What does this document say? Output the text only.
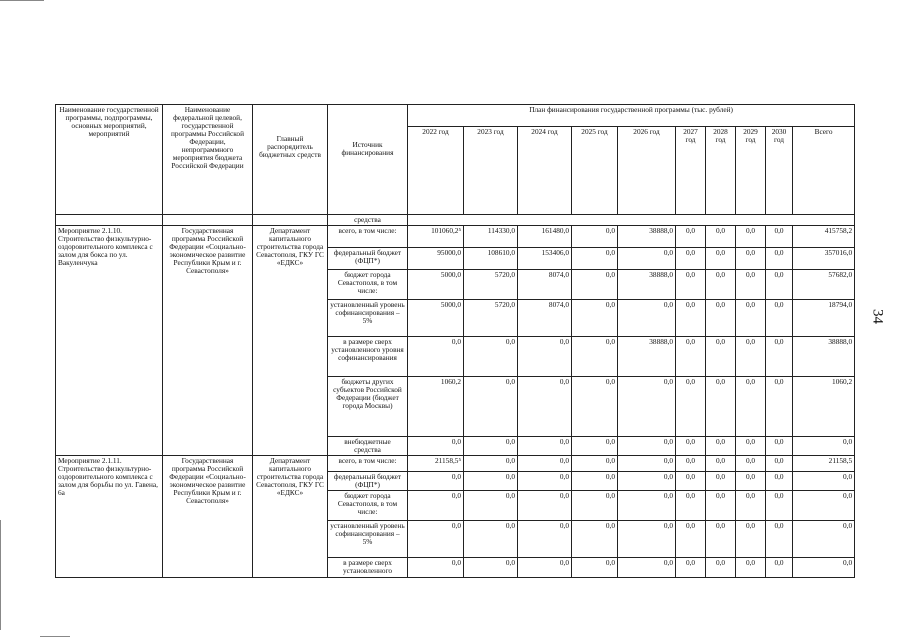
34
Наименование государственной программы, подпрограммы, основных мероприятий, мероприятий	Наименование федеральной целевой, государственной программы Российской Федерации, непрограммного мероприятия бюджета Российской Федерации	Главный распорядитель бюджетных средств	Источник финансирования	План финансирования государственной программы (тыс. рублей)									
				2022 год	2023 год	2024 год	2025 год	2026 год	2027 год	2028 год	2029 год	2030 год	Всего
			средства										
Мероприятие 2.1.10. Строительство физкультурно-оздоровительного комплекса с залом для бокса по ул. Вакуленчука	Государственная программа Российской Федерации «Социально-экономическое развитие Республики Крым и г. Севастополя»	Департамент капитального строительства города Севастополя, ГКУ ГС «ЕДКС»	всего, в том числе:	101060,2⁵	114330,0	161480,0	0,0	38888,0	0,0	0,0	0,0	0,0	415758,2
			федеральный бюджет (ФЦП*)	95000,0	108610,0	153406,0	0,0	0,0	0,0	0,0	0,0	0,0	357016,0
			бюджет города Севастополя, в том числе:	5000,0	5720,0	8074,0	0,0	38888,0	0,0	0,0	0,0	0,0	57682,0
			установленный уровень софинансирования – 5%	5000,0	5720,0	8074,0	0,0	0,0	0,0	0,0	0,0	0,0	18794,0
			в размере сверх установленного уровня софинансирования	0,0	0,0	0,0	0,0	38888,0	0,0	0,0	0,0	0,0	38888,0
			бюджеты других субъектов Российской Федерации (бюджет города Москвы)	1060,2	0,0	0,0	0,0	0,0	0,0	0,0	0,0	0,0	1060,2
			внебюджетные средства	0,0	0,0	0,0	0,0	0,0	0,0	0,0	0,0	0,0	0,0
Мероприятие 2.1.11. Строительство физкультурно-оздоровительного комплекса с залом для борьбы по ул. Гавена, 6а	Государственная программа Российской Федерации «Социально-экономическое развитие Республики Крым и г. Севастополя»	Департамент капитального строительства города Севастополя, ГКУ ГС «ЕДКС»	всего, в том числе:	21158,5⁵	0,0	0,0	0,0	0,0	0,0	0,0	0,0	0,0	21158,5
			федеральный бюджет (ФЦП*)	0,0	0,0	0,0	0,0	0,0	0,0	0,0	0,0	0,0	0,0
			бюджет города Севастополя, в том числе:	0,0	0,0	0,0	0,0	0,0	0,0	0,0	0,0	0,0	0,0
			установленный уровень софинансирования – 5%	0,0	0,0	0,0	0,0	0,0	0,0	0,0	0,0	0,0	0,0
			в размере сверх установленного	0,0	0,0	0,0	0,0	0,0	0,0	0,0	0,0	0,0	0,0
